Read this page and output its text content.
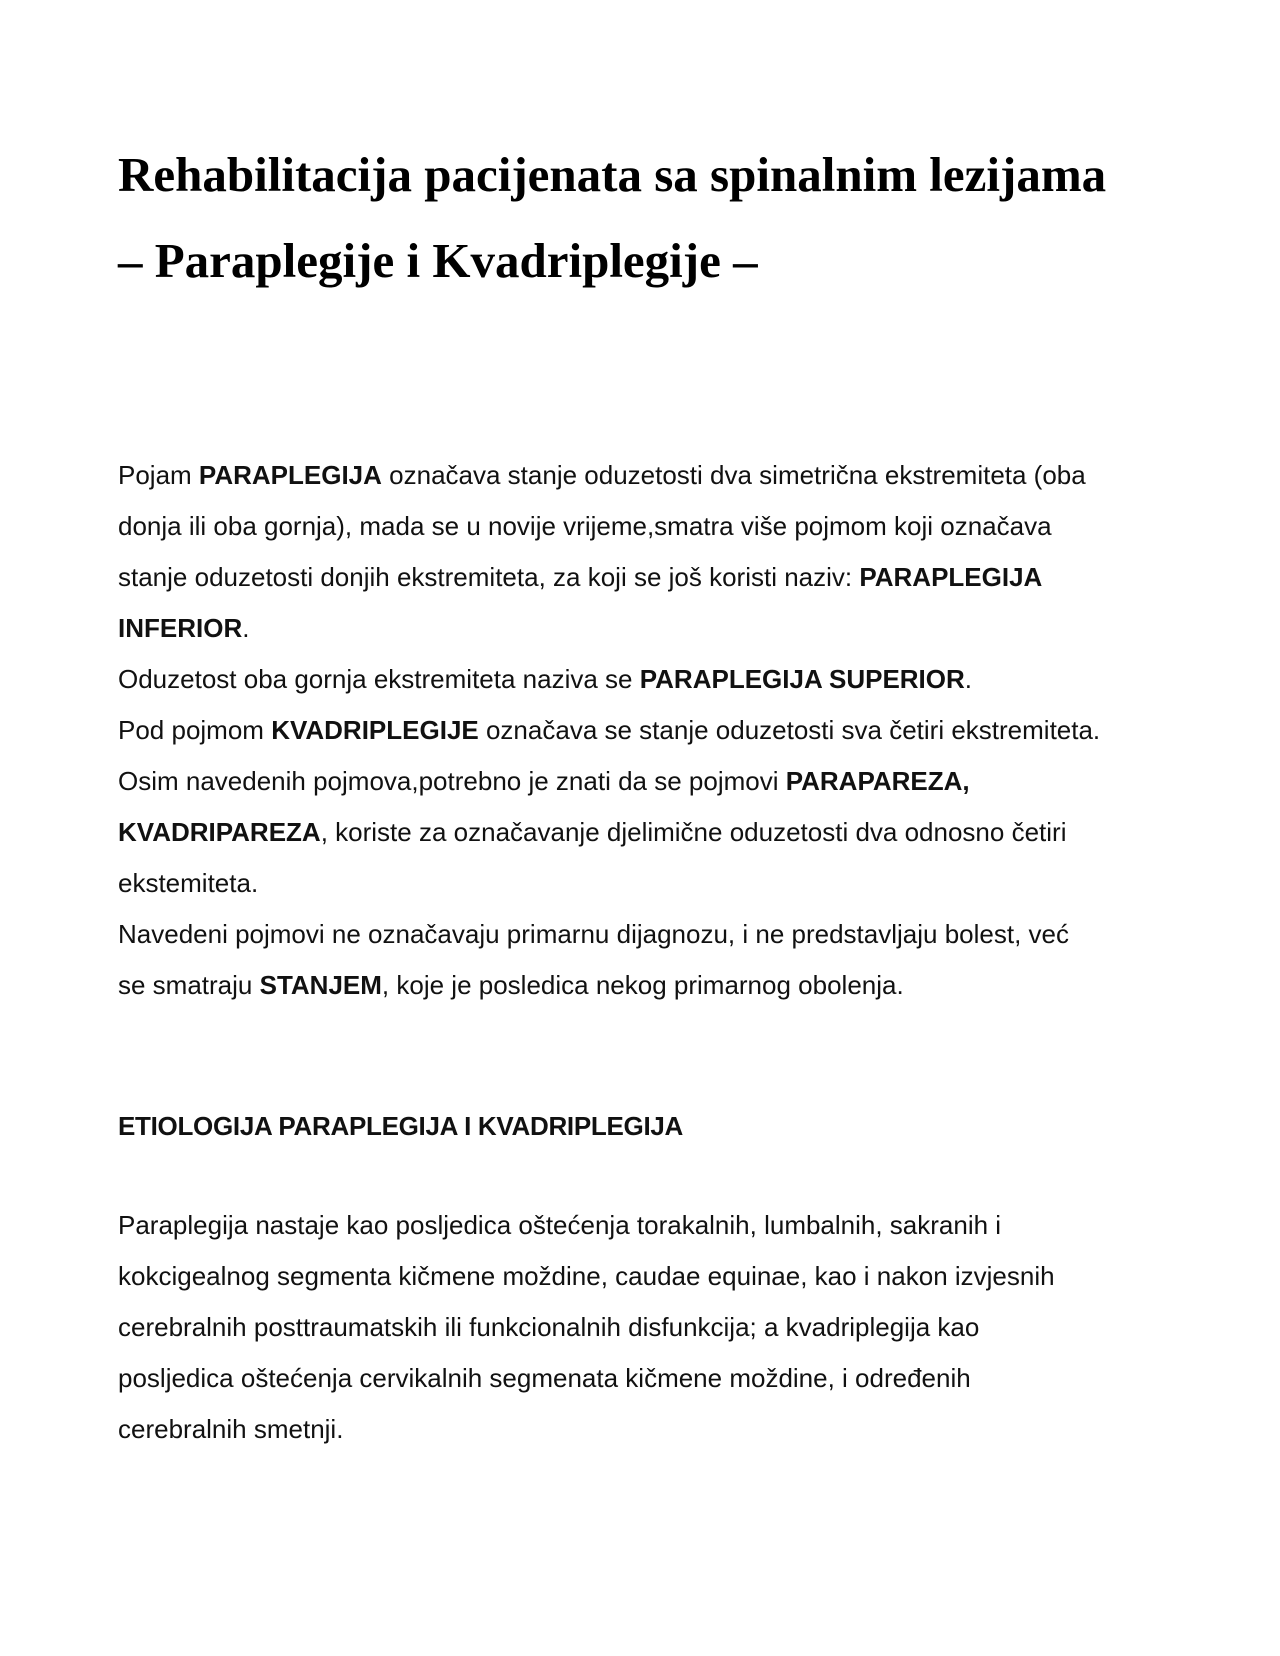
Rehabilitacija pacijenata sa spinalnim lezijama
– Paraplegije i Kvadriplegije –
Pojam PARAPLEGIJA označava stanje oduzetosti dva simetrična ekstremiteta (oba
donja ili oba gornja), mada se u novije vrijeme,smatra više pojmom koji označava
stanje oduzetosti donjih ekstremiteta, za koji se još koristi naziv: PARAPLEGIJA
INFERIOR.
Oduzetost oba gornja ekstremiteta naziva se PARAPLEGIJA SUPERIOR.
Pod pojmom KVADRIPLEGIJE označava se stanje oduzetosti sva četiri ekstremiteta.
Osim navedenih pojmova,potrebno je znati da se pojmovi PARAPAREZA,
KVADRIPAREZA, koriste za označavanje djelimične oduzetosti dva odnosno četiri
ekstemiteta.
Navedeni pojmovi ne označavaju primarnu dijagnozu, i ne predstavljaju bolest, već
se smatraju STANJEM, koje je posledica nekog primarnog obolenja.
ETIOLOGIJA PARAPLEGIJA I KVADRIPLEGIJA
Paraplegija nastaje kao posljedica oštećenja torakalnih, lumbalnih, sakranih i
kokcigealnog segmenta kičmene moždine, caudae equinae, kao i nakon izvjesnih
cerebralnih posttraumatskih ili funkcionalnih disfunkcija; a kvadriplegija kao
posljedica oštećenja cervikalnih segmenata kičmene moždine, i određenih
cerebralnih smetnji.
